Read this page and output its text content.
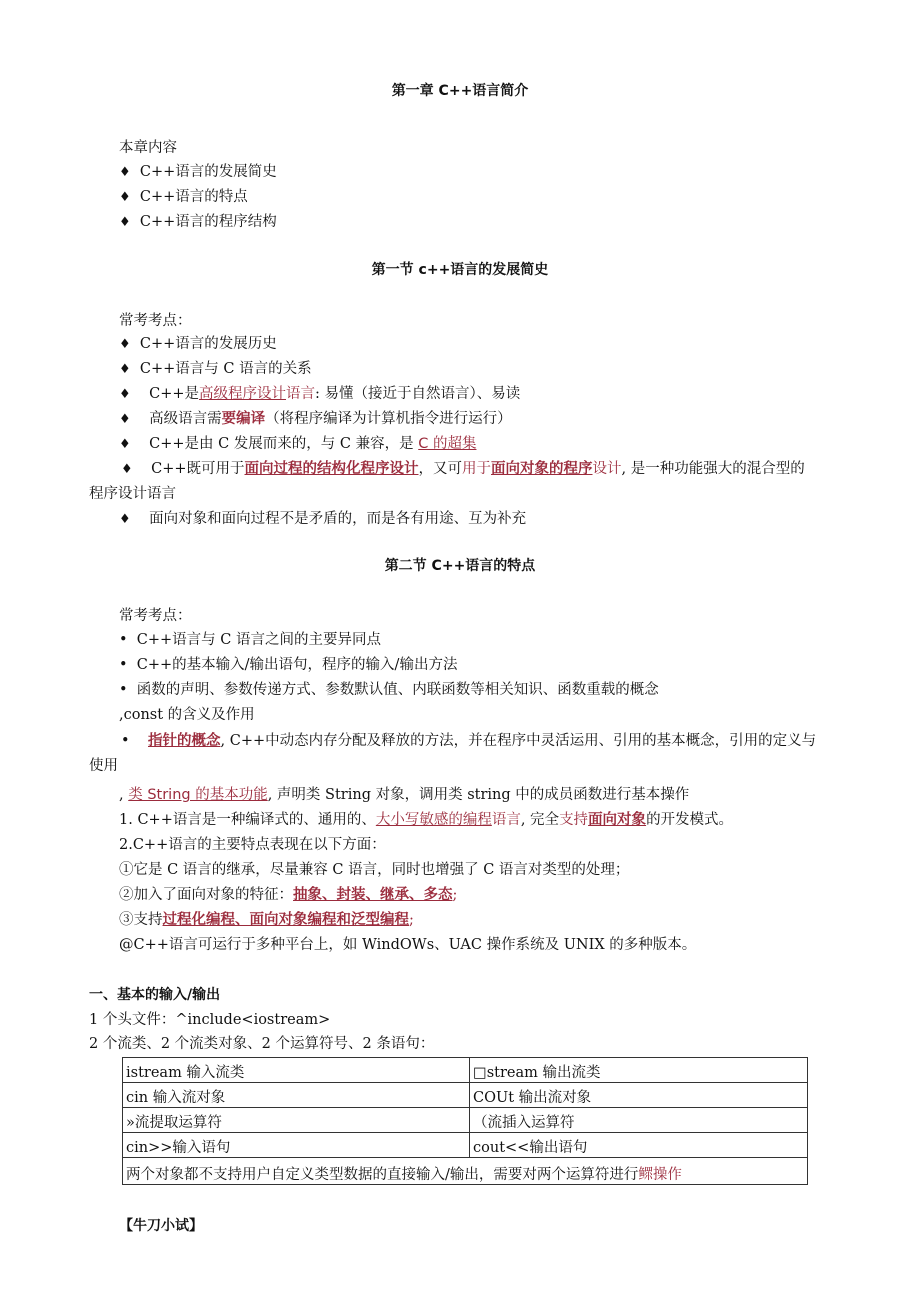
第一章 C++语言简介
本章内容
♦ C++语言的发展简史
♦ C++语言的特点
♦ C++语言的程序结构
第一节 c++语言的发展简史
常考考点：
♦ C++语言的发展历史
♦ C++语言与 C 语言的关系
♦ C++是高级程序设计语言: 易懂（接近于自然语言）、易读
♦ 高级语言需要编译（将程序编译为计算机指令进行运行）
♦ C++是由 C 发展而来的，与 C 兼容，是 C 的超集
♦ C++既可用于面向过程的结构化程序设计，又可用于面向对象的程序设计, 是一种功能强大的混合型的
程序设计语言
♦ 面向对象和面向过程不是矛盾的，而是各有用途、互为补充
第二节 C++语言的特点
常考考点：
• C++语言与 C 语言之间的主要异同点
• C++的基本输入/输出语句，程序的输入/输出方法
• 函数的声明、参数传递方式、参数默认值、内联函数等相关知识、函数重载的概念
,const 的含义及作用
• 指针的概念, C++中动态内存分配及释放的方法，并在程序中灵活运用、引用的基本概念，引用的定义与
使用
, 类 String 的基本功能, 声明类 String 对象，调用类 string 中的成员函数进行基本操作
1. C++语言是一种编译式的、通用的、大小写敏感的编程语言, 完全支持面向对象的开发模式。
2.C++语言的主要特点表现在以下方面：
①它是 C 语言的继承，尽量兼容 C 语言，同时也增强了 C 语言对类型的处理；
②加入了面向对象的特征：抽象、封装、继承、多态;
③支持过程化编程、面向对象编程和泛型编程;
@C++语言可运行于多种平台上，如 WindOWs、UAC 操作系统及 UNIX 的多种版本。
一、基本的输入/输出
1 个头文件：^include<iostream>
2 个流类、2 个流类对象、2 个运算符号、2 条语句：
istream 输入流类	□stream 输出流类
cin 输入流对象	COUt 输出流对象
»流提取运算符	（流插入运算符
cin>>输入语句	cout<<输出语句
两个对象都不支持用户自定义类型数据的直接输入/输出，需要对两个运算符进行鳏操作	
【牛刀小试】
